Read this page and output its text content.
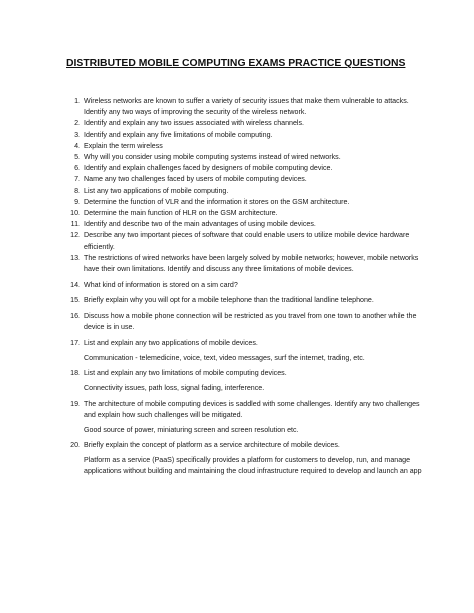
DISTRIBUTED MOBILE COMPUTING EXAMS PRACTICE QUESTIONS
1. Wireless networks are known to suffer a variety of security issues that make them vulnerable to attacks. Identify any two ways of improving the security of the wireless network.
2. Identify and explain any two issues associated with wireless channels.
3. Identify and explain any five limitations of mobile computing.
4. Explain the term wireless
5. Why will you consider using mobile computing systems instead of wired networks.
6. Identify and explain challenges faced by designers of mobile computing device.
7. Name any two challenges faced by users of mobile computing devices.
8. List any two applications of mobile computing.
9. Determine the function of VLR and the information it stores on the GSM architecture.
10. Determine the main function of HLR on the GSM architecture.
11. Identify and describe two of the main advantages of using mobile devices.
12. Describe any two important pieces of software that could enable users to utilize mobile device hardware efficiently.
13. The restrictions of wired networks have been largely solved by mobile networks; however, mobile networks have their own limitations. Identify and discuss any three limitations of mobile devices.
14. What kind of information is stored on a sim card?
15. Briefly explain why you will opt for a mobile telephone than the traditional landline telephone.
16. Discuss how a mobile phone connection will be restricted as you travel from one town to another while the device is in use.
17. List and explain any two applications of mobile devices.
Communication - telemedicine, voice, text, video messages, surf the internet, trading, etc.
18. List and explain any two limitations of mobile computing devices.
Connectivity issues, path loss, signal fading, interference.
19. The architecture of mobile computing devices is saddled with some challenges. Identify any two challenges and explain how such challenges will be mitigated.
Good source of power, miniaturing screen and screen resolution etc.
20. Briefly explain the concept of platform as a service architecture of mobile devices.
Platform as a service (PaaS) specifically provides a platform for customers to develop, run, and manage applications without building and maintaining the cloud infrastructure required to develop and launch an app
